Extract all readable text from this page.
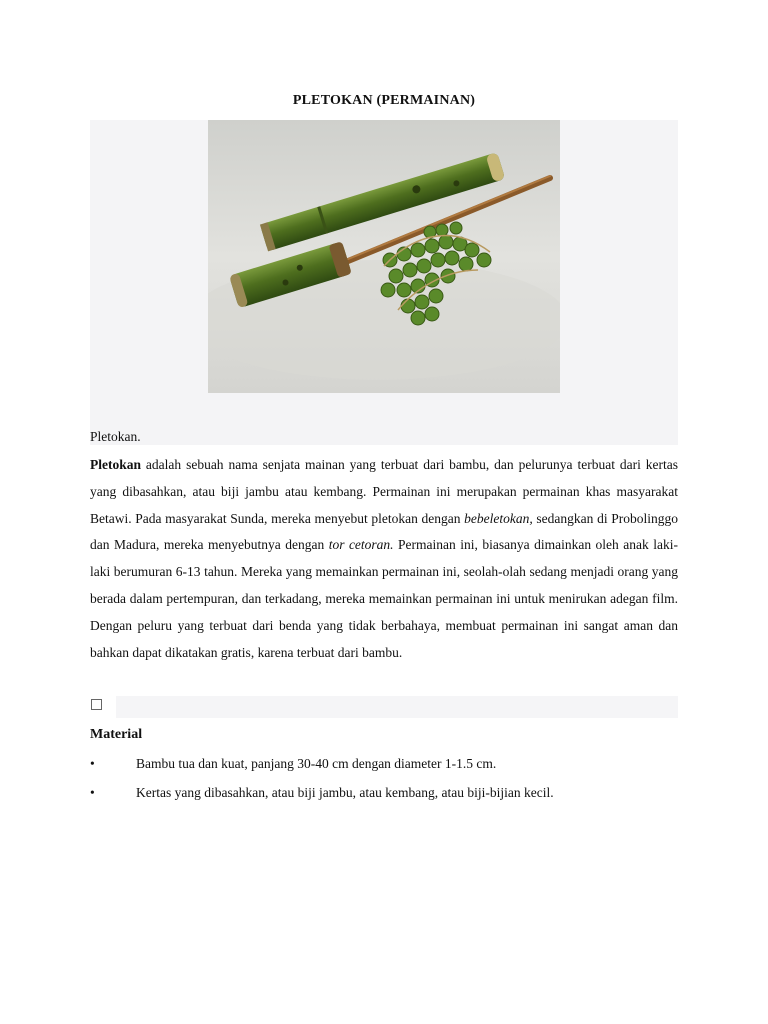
PLETOKAN (PERMAINAN)
Pletokan.

Pletokan adalah sebuah nama senjata mainan yang terbuat dari bambu, dan pelurunya terbuat dari kertas yang dibasahkan, atau biji jambu atau kembang. Permainan ini merupakan permainan khas masyarakat Betawi. Pada masyarakat Sunda, mereka menyebut pletokan dengan bebeletokan, sedangkan di Probolinggo dan Madura, mereka menyebutnya dengan tor cetoran. Permainan ini, biasanya dimainkan oleh anak laki-laki berumuran 6-13 tahun. Mereka yang memainkan permainan ini, seolah-olah sedang menjadi orang yang berada dalam pertempuran, dan terkadang, mereka memainkan permainan ini untuk menirukan adegan film. Dengan peluru yang terbuat dari benda yang tidak berbahaya, membuat permainan ini sangat aman dan bahkan dapat dikatakan gratis, karena terbuat dari bambu.

Material
•	Bambu tua dan kuat, panjang 30-40 cm dengan diameter 1-1.5 cm.
•	Kertas yang dibasahkan, atau biji jambu, atau kembang, atau biji-bijian kecil.
